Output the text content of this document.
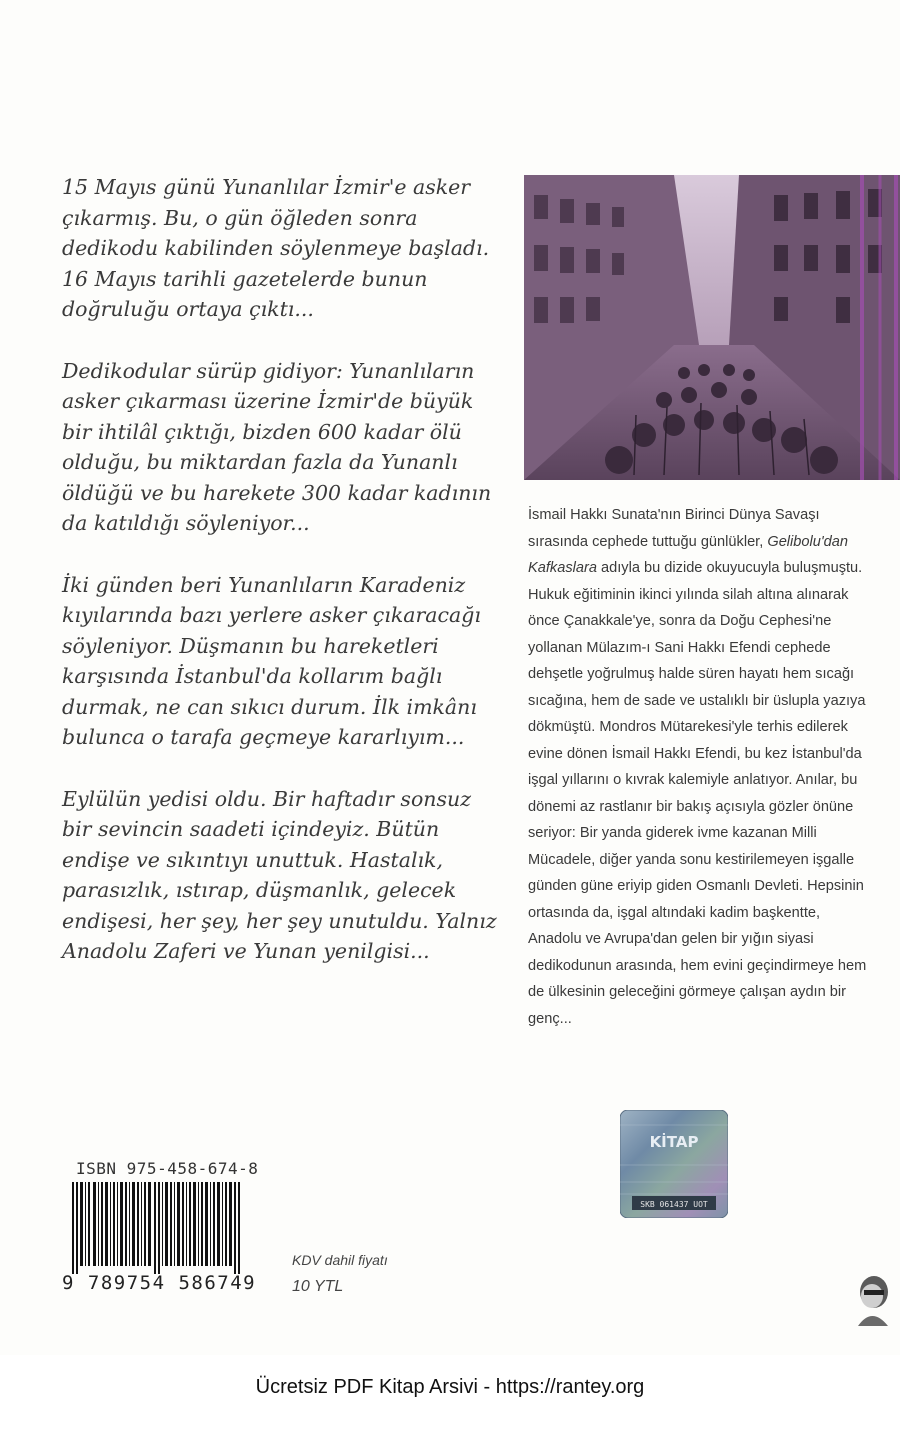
15 Mayıs günü Yunanlılar İzmir'e asker çıkarmış. Bu, o gün öğleden sonra dedikodu kabilinden söylenmeye başladı. 16 Mayıs tarihli gazetelerde bunun doğruluğu ortaya çıktı...

Dedikodular sürüp gidiyor: Yunanlıların asker çıkarması üzerine İzmir'de büyük bir ihtilâl çıktığı, bizden 600 kadar ölü olduğu, bu miktardan fazla da Yunanlı öldüğü ve bu harekete 300 kadar kadının da katıldığı söyleniyor...

İki günden beri Yunanlıların Karadeniz kıyılarında bazı yerlere asker çıkaracağı söyleniyor. Düşmanın bu hareketleri karşısında İstanbul'da kollarım bağlı durmak, ne can sıkıcı durum. İlk imkânı bulunca o tarafa geçmeye kararlıyım...

Eylülün yedisi oldu. Bir haftadır sonsuz bir sevincin saadeti içindeyiz. Bütün endişe ve sıkıntıyı unuttuk. Hastalık, parasızlık, ıstırap, düşmanlık, gelecek endişesi, her şey, her şey unutuldu. Yalnız Anadolu Zaferi ve Yunan yenilgisi...

İsmail Hakkı Sunata'nın Birinci Dünya Savaşı sırasında cephede tuttuğu günlükler, Gelibolu'dan Kafkaslara adıyla bu dizide okuyucuyla buluşmuştu. Hukuk eğitiminin ikinci yılında silah altına alınarak önce Çanakkale'ye, sonra da Doğu Cephesi'ne yollanan Mülazım-ı Sani Hakkı Efendi cephede dehşetle yoğrulmuş halde süren hayatı hem sıcağı sıcağına, hem de sade ve ustalıklı bir üslupla yazıya dökmüştü. Mondros Mütarekesi'yle terhis edilerek evine dönen İsmail Hakkı Efendi, bu kez İstanbul'da işgal yıllarını o kıvrak kalemiyle anlatıyor. Anılar, bu dönemi az rastlanır bir bakış açısıyla gözler önüne seriyor: Bir yanda giderek ivme kazanan Milli Mücadele, diğer yanda sonu kestirilemeyen işgalle günden güne eriyip giden Osmanlı Devleti. Hepsinin ortasında da, işgal altındaki kadim başkentte, Anadolu ve Avrupa'dan gelen bir yığın siyasi dedikodunun arasında, hem evini geçindirmeye hem de ülkesinin geleceğini görmeye çalışan aydın bir genç...
ISBN 975-458-674-8
9 789754 586749
KDV dahil fiyatı
10 YTL
KİTAP
SKB 061437 UOT
Ücretsiz PDF Kitap Arsivi - https://rantey.org
